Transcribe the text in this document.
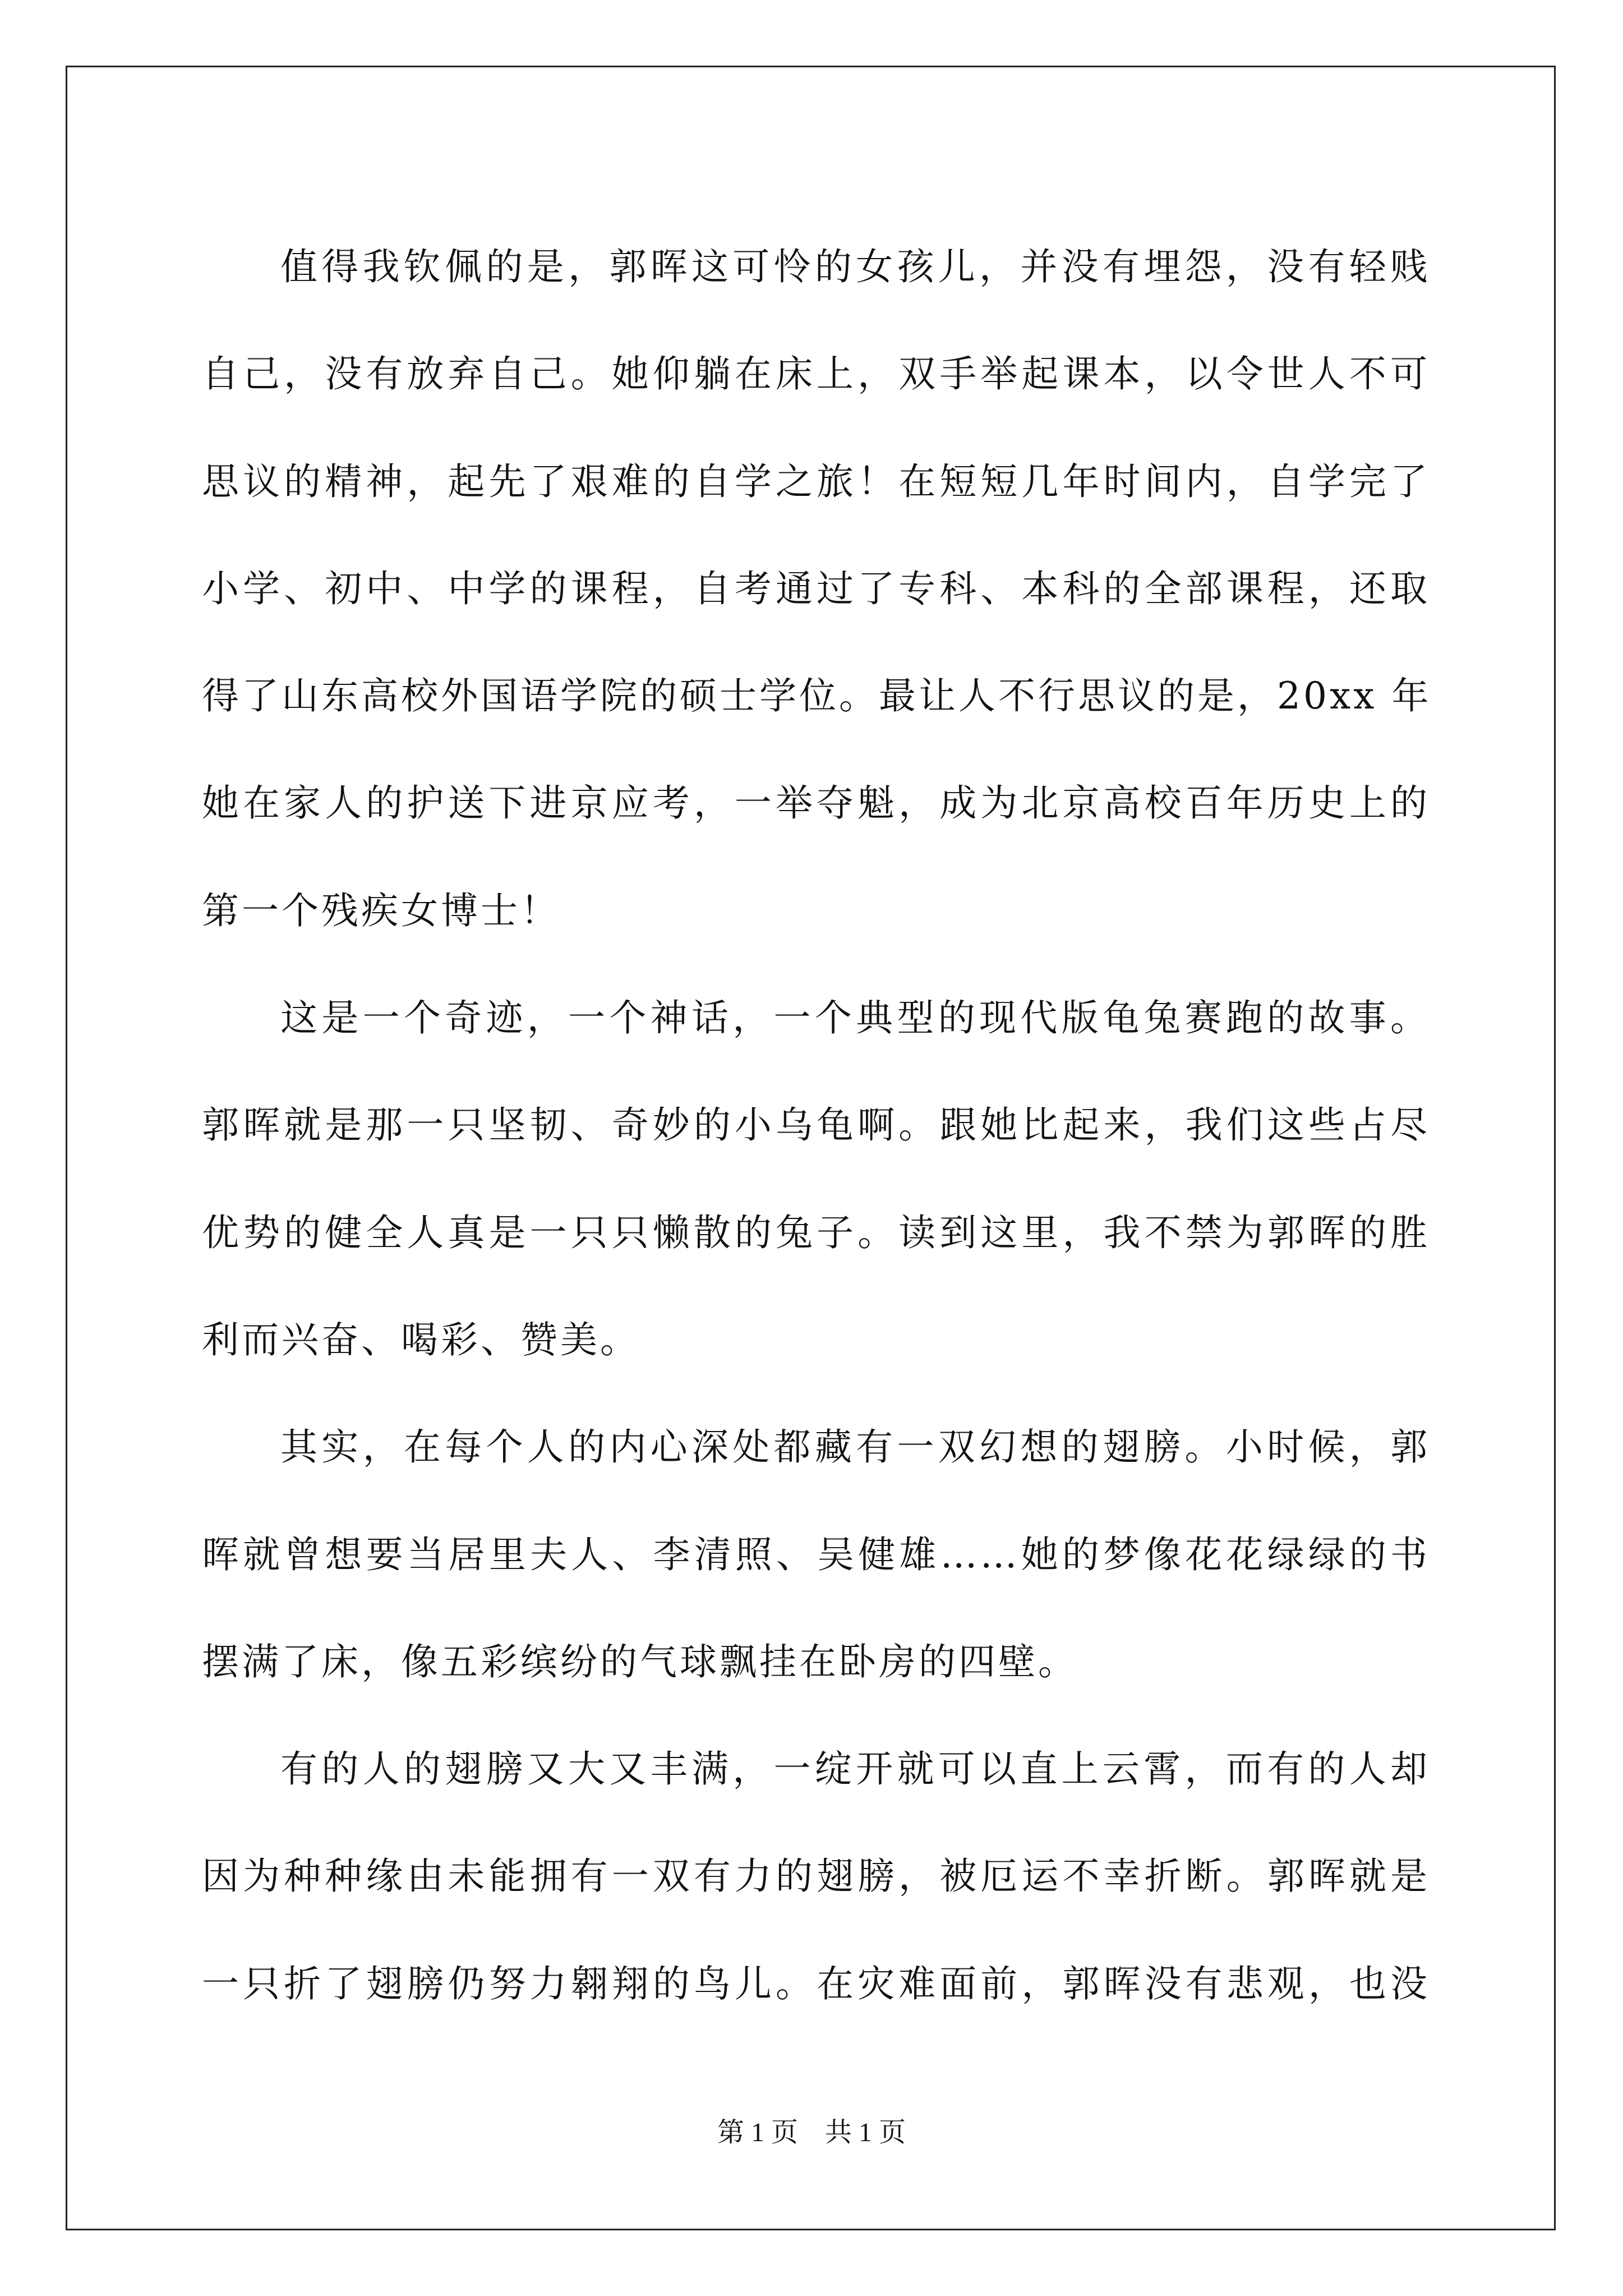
值得我钦佩的是，郭晖这可怜的女孩儿，并没有埋怨，没有轻贱
自己，没有放弃自己。她仰躺在床上，双手举起课本，以令世人不可
思议的精神，起先了艰难的自学之旅！在短短几年时间内，自学完了
小学、初中、中学的课程，自考通过了专科、本科的全部课程，还取
得了山东高校外国语学院的硕士学位。最让人不行思议的是，20xx 年
她在家人的护送下进京应考，一举夺魁，成为北京高校百年历史上的
第一个残疾女博士！
这是一个奇迹，一个神话，一个典型的现代版龟兔赛跑的故事。
郭晖就是那一只坚韧、奇妙的小乌龟啊。跟她比起来，我们这些占尽
优势的健全人真是一只只懒散的兔子。读到这里，我不禁为郭晖的胜
利而兴奋、喝彩、赞美。
其实，在每个人的内心深处都藏有一双幻想的翅膀。小时候，郭
晖就曾想要当居里夫人、李清照、吴健雄……她的梦像花花绿绿的书
摆满了床，像五彩缤纷的气球飘挂在卧房的四壁。
有的人的翅膀又大又丰满，一绽开就可以直上云霄，而有的人却
因为种种缘由未能拥有一双有力的翅膀，被厄运不幸折断。郭晖就是
一只折了翅膀仍努力翱翔的鸟儿。在灾难面前，郭晖没有悲观，也没
第 1 页    共 1 页
